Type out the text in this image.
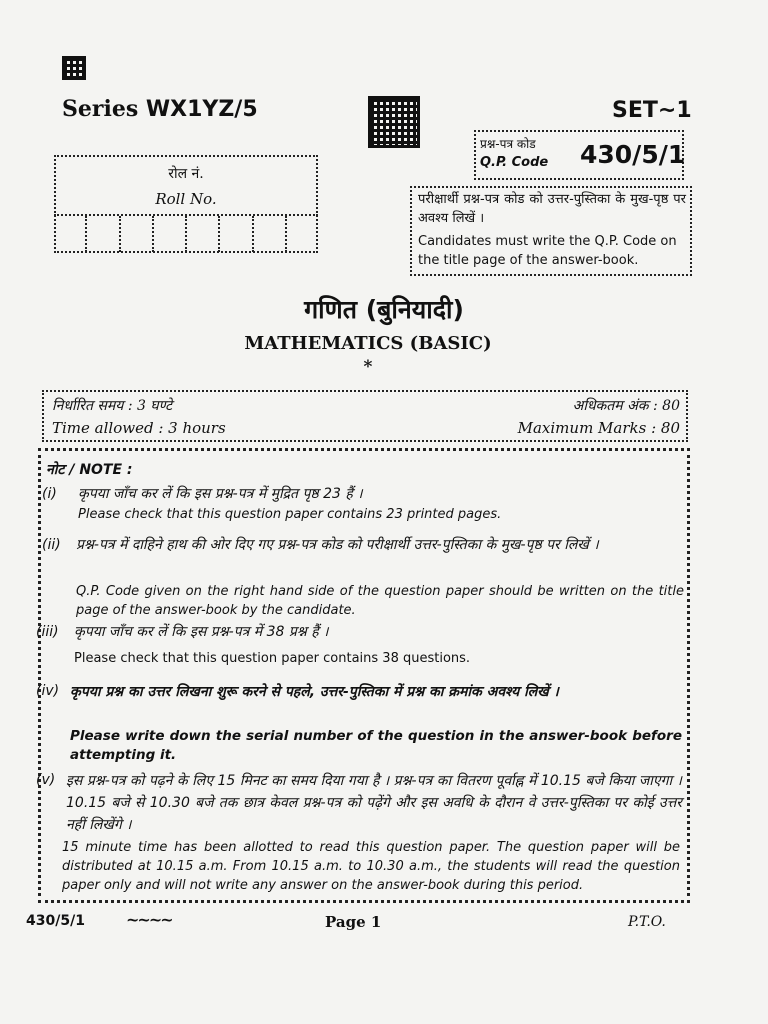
Series WX1YZ/5	SET~1
प्रश्न-पत्र कोड
Q.P. Code 430/5/1
रोल नं.
Roll No.	परीक्षार्थी प्रश्न-पत्र कोड को उत्तर-पुस्तिका के मुख-पृष्ठ पर अवश्य लिखें ।
Candidates must write the Q.P. Code on the title page of the answer-book.
गणित (बुनियादी)
MATHEMATICS (BASIC)
*
निर्धारित समय : 3 घण्टे
Time allowed : 3 hours
अधिकतम अंक : 80
Maximum Marks : 80
नोट / NOTE :
(i) कृपया जाँच कर लें कि इस प्रश्न-पत्र में मुद्रित पृष्ठ 23 हैं ।
Please check that this question paper contains 23 printed pages.
(ii) प्रश्न-पत्र में दाहिने हाथ की ओर दिए गए प्रश्न-पत्र कोड को परीक्षार्थी उत्तर-पुस्तिका के मुख-पृष्ठ पर लिखें ।
Q.P. Code given on the right hand side of the question paper should be written on the title page of the answer-book by the candidate.
(iii) कृपया जाँच कर लें कि इस प्रश्न-पत्र में 38 प्रश्न हैं ।
Please check that this question paper contains 38 questions.
(iv) कृपया प्रश्न का उत्तर लिखना शुरू करने से पहले, उत्तर-पुस्तिका में प्रश्न का क्रमांक अवश्य लिखें ।
Please write down the serial number of the question in the answer-book before attempting it.
(v) इस प्रश्न-पत्र को पढ़ने के लिए 15 मिनट का समय दिया गया है । प्रश्न-पत्र का वितरण पूर्वाह्न में 10.15 बजे किया जाएगा । 10.15 बजे से 10.30 बजे तक छात्र केवल प्रश्न-पत्र को पढ़ेंगे और इस अवधि के दौरान वे उत्तर-पुस्तिका पर कोई उत्तर नहीं लिखेंगे ।
15 minute time has been allotted to read this question paper. The question paper will be distributed at 10.15 a.m. From 10.15 a.m. to 10.30 a.m., the students will read the question paper only and will not write any answer on the answer-book during this period.
430/5/1	~~~~	Page 1	P.T.O.
